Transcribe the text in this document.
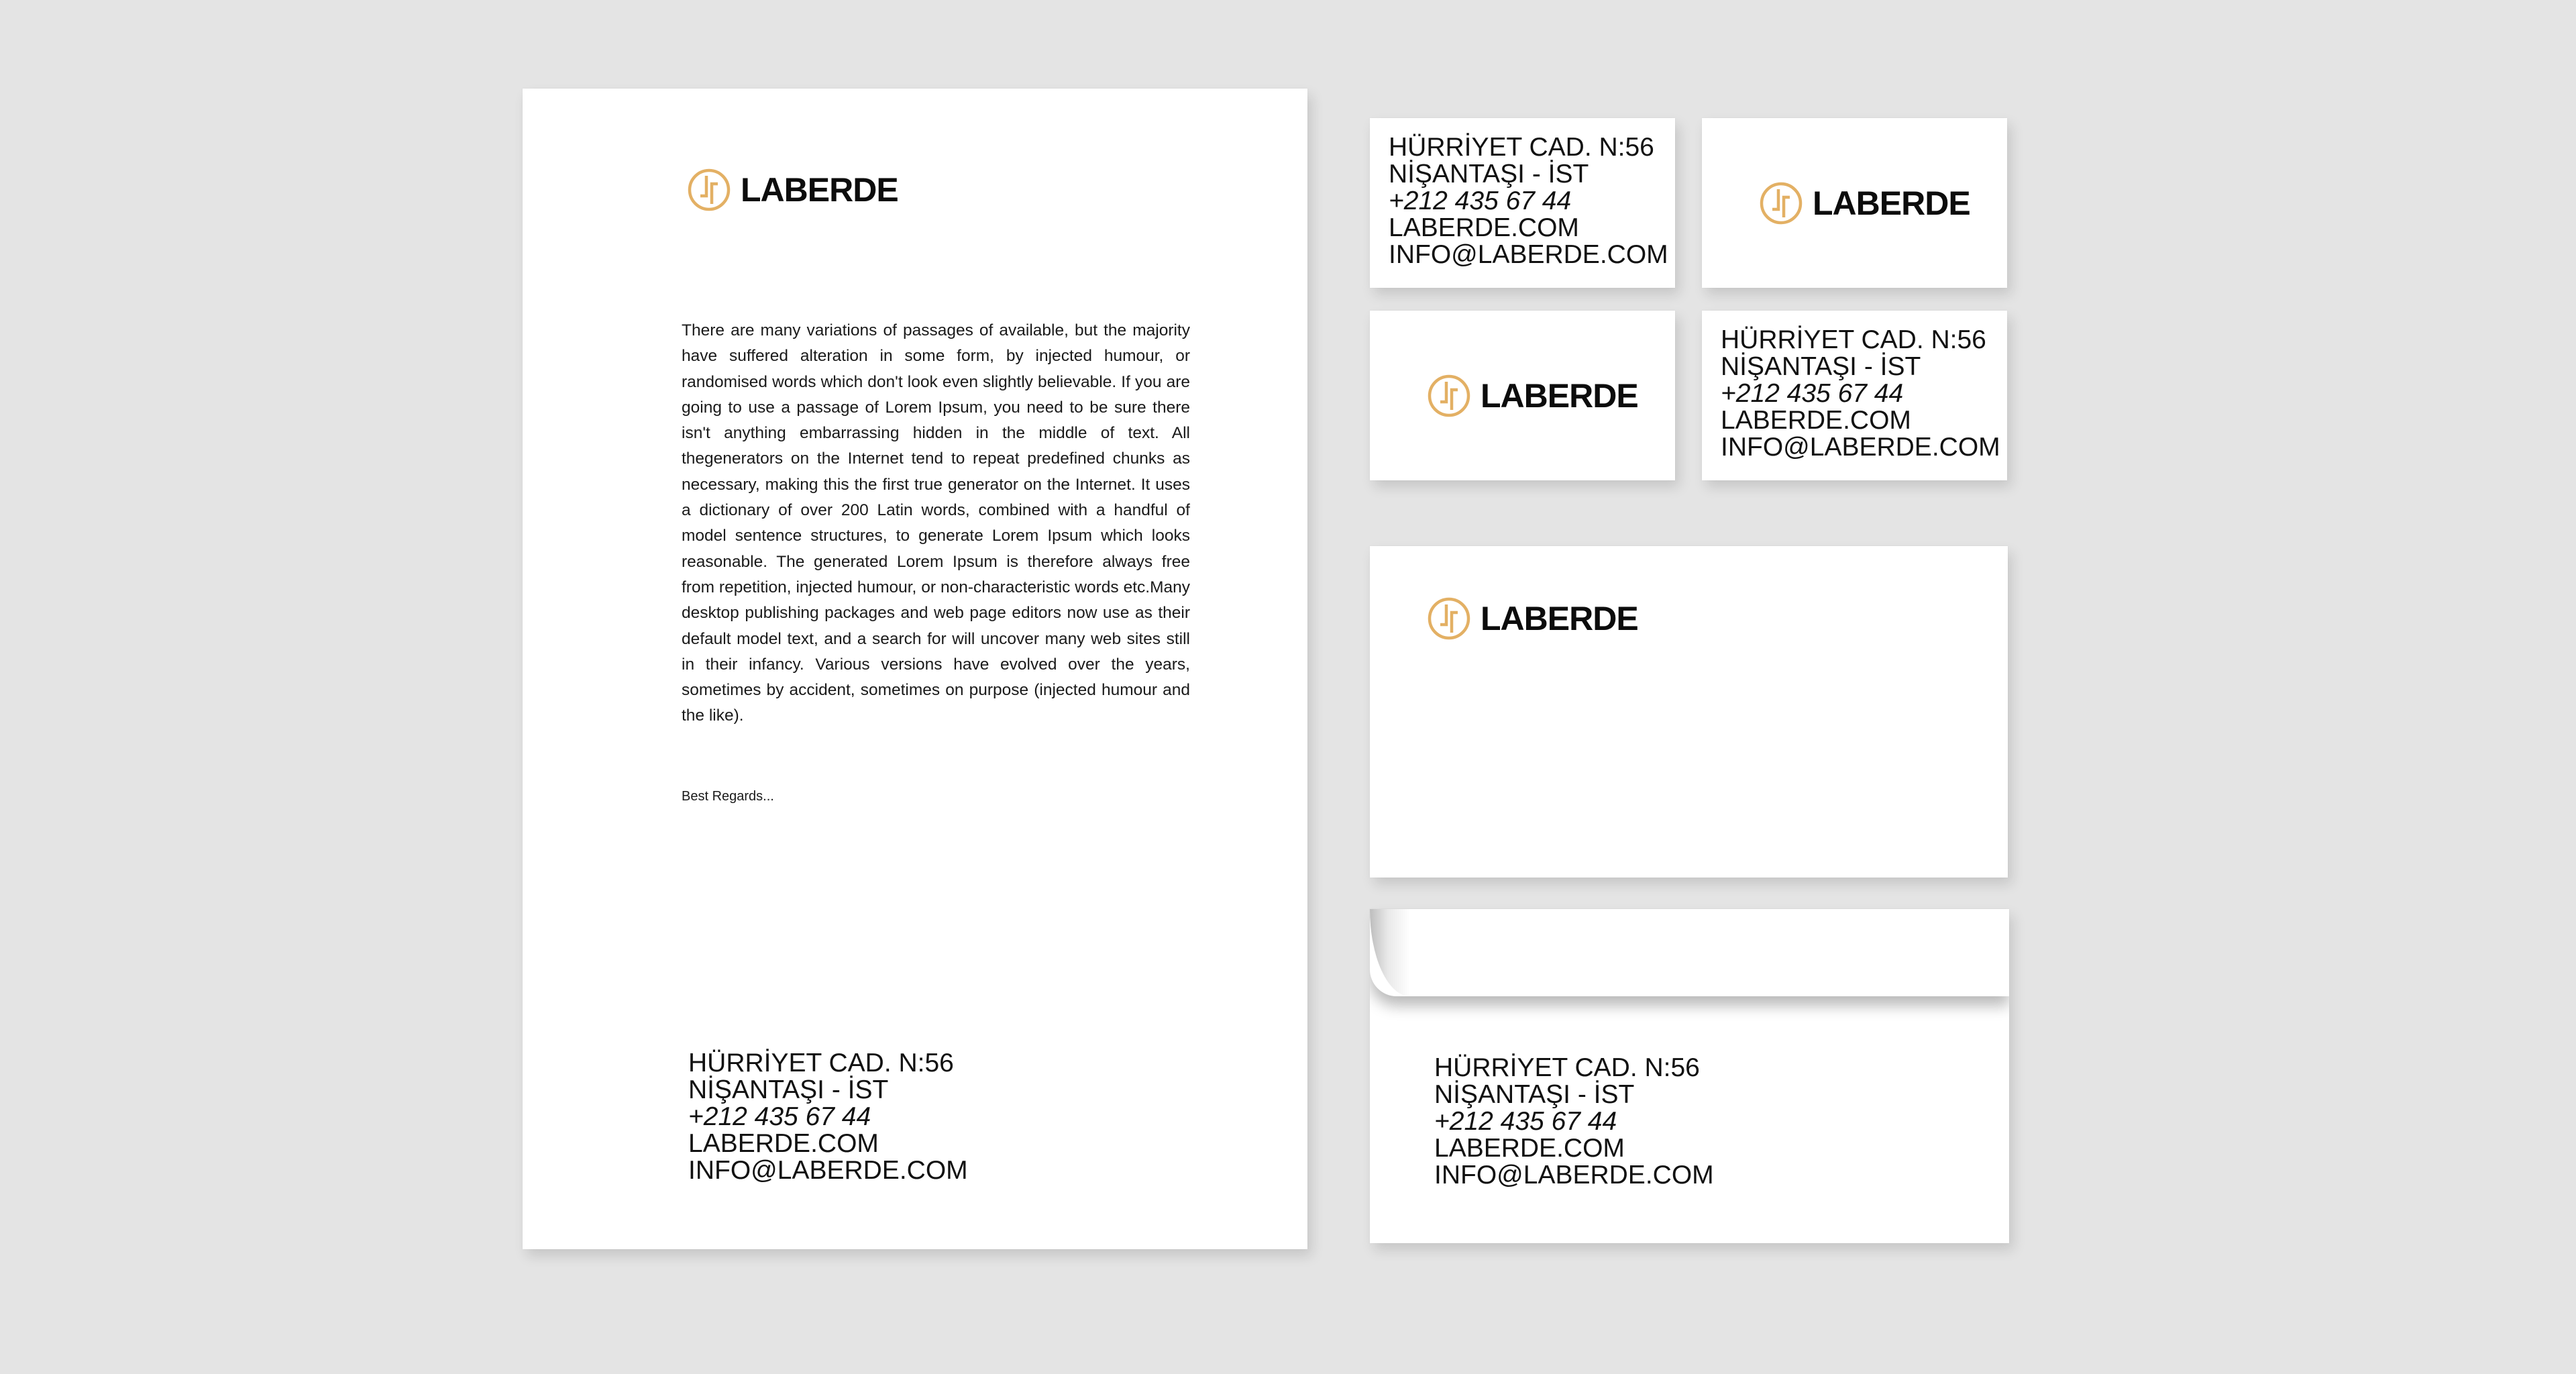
LABERDE
There are many variations of passages of available, but the majority have suffered alteration in some form, by injected humour, or randomised words which don't look even slightly believable. If you are going to use a passage of Lorem Ipsum, you need to be sure there isn't anything embarrassing hidden in the middle of text. All thegenerators on the Internet tend to repeat predefined chunks as necessary, making this the first true generator on the Internet. It uses a dictionary of over 200 Latin words, combined with a handful of model sentence structures, to generate Lorem Ipsum which looks reasonable. The generated Lorem Ipsum is therefore always free from repetition, injected humour, or non-characteristic words etc.Many desktop publishing packages and web page editors now use as their default model text, and a search for will uncover many web sites still in their infancy. Various versions have evolved over the years, sometimes by accident, sometimes on purpose (injected humour and the like).
Best Regards...
HÜRRİYET CAD. N:56
NİŞANTAŞI - İST
+212 435 67 44
LABERDE.COM
INFO@LABERDE.COM
HÜRRİYET CAD. N:56
NİŞANTAŞI - İST
+212 435 67 44
LABERDE.COM
INFO@LABERDE.COM
LABERDE
LABERDE
HÜRRİYET CAD. N:56
NİŞANTAŞI - İST
+212 435 67 44
LABERDE.COM
INFO@LABERDE.COM
LABERDE
HÜRRİYET CAD. N:56
NİŞANTAŞI - İST
+212 435 67 44
LABERDE.COM
INFO@LABERDE.COM
